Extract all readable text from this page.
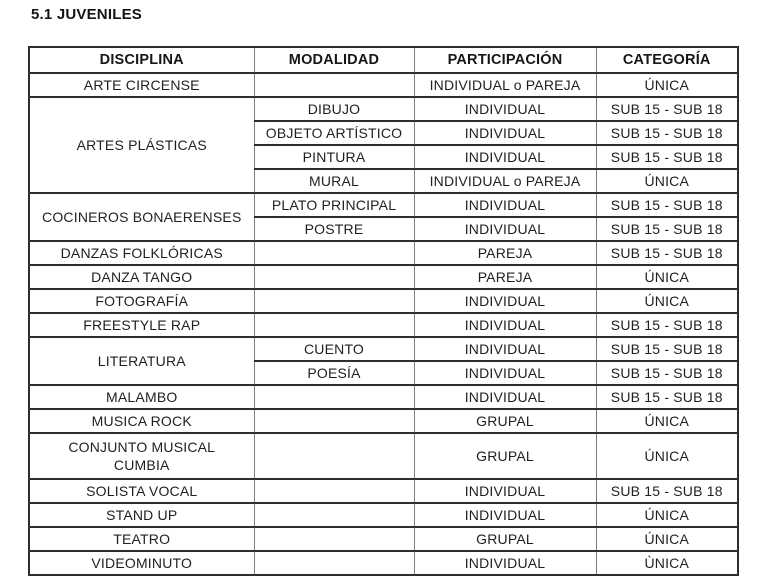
5.1 JUVENILES
DISCIPLINA	MODALIDAD	PARTICIPACIÓN	CATEGORÍA
ARTE CIRCENSE		INDIVIDUAL o PAREJA	ÚNICA
ARTES PLÁSTICAS	DIBUJO	INDIVIDUAL	SUB 15 - SUB 18
	OBJETO ARTÍSTICO	INDIVIDUAL	SUB 15 - SUB 18
	PINTURA	INDIVIDUAL	SUB 15 - SUB 18
	MURAL	INDIVIDUAL o PAREJA	ÚNICA
COCINEROS BONAERENSES	PLATO PRINCIPAL	INDIVIDUAL	SUB 15 - SUB 18
	POSTRE	INDIVIDUAL	SUB 15 - SUB 18
DANZAS FOLKLÓRICAS		PAREJA	SUB 15 - SUB 18
DANZA TANGO		PAREJA	ÚNICA
FOTOGRAFÍA		INDIVIDUAL	ÚNICA
FREESTYLE RAP		INDIVIDUAL	SUB 15 - SUB 18
LITERATURA	CUENTO	INDIVIDUAL	SUB 15 - SUB 18
	POESÍA	INDIVIDUAL	SUB 15 - SUB 18
MALAMBO		INDIVIDUAL	SUB 15 - SUB 18
MUSICA ROCK		GRUPAL	ÚNICA
CONJUNTO MUSICAL CUMBIA		GRUPAL	ÚNICA
SOLISTA VOCAL		INDIVIDUAL	SUB 15 - SUB 18
STAND UP		INDIVIDUAL	ÚNICA
TEATRO		GRUPAL	ÚNICA
VIDEOMINUTO		INDIVIDUAL	ÙNICA
